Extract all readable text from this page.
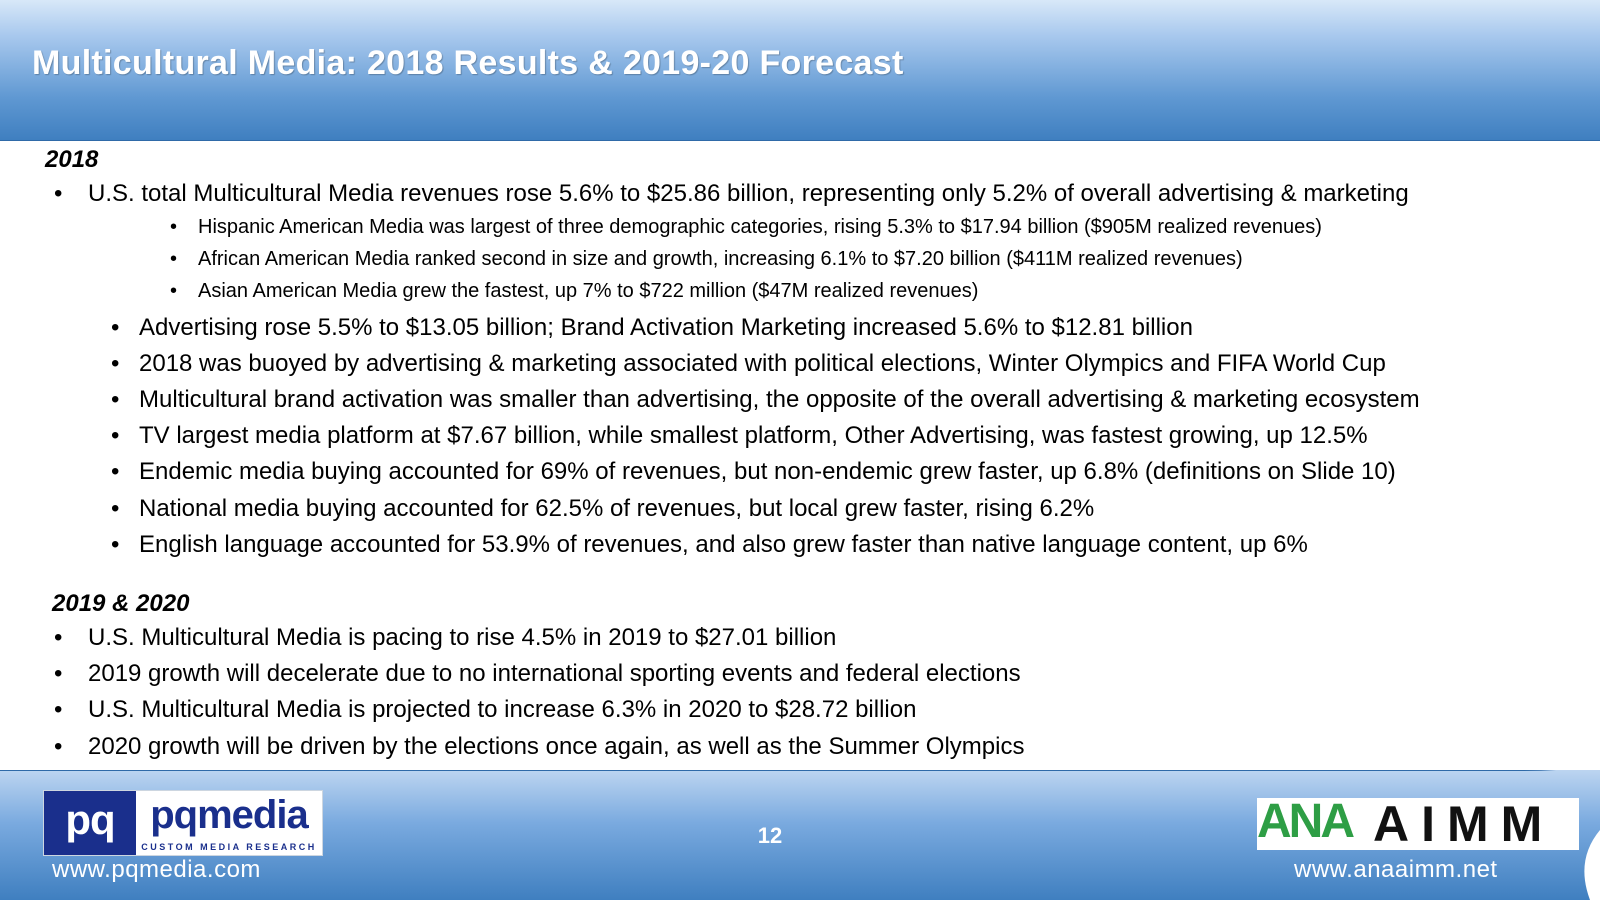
Multicultural Media: 2018 Results & 2019-20 Forecast
2018
• U.S. total Multicultural Media revenues rose 5.6% to $25.86 billion, representing only 5.2% of overall advertising & marketing
• Hispanic American Media was largest of three demographic categories, rising 5.3% to $17.94 billion ($905M realized revenues)
• African American Media ranked second in size and growth, increasing 6.1% to $7.20 billion ($411M realized revenues)
• Asian American Media grew the fastest, up 7% to $722 million ($47M realized revenues)
• Advertising rose 5.5% to $13.05 billion; Brand Activation Marketing increased 5.6% to $12.81 billion
• 2018 was buoyed by advertising & marketing associated with political elections, Winter Olympics and FIFA World Cup
• Multicultural brand activation was smaller than advertising, the opposite of the overall advertising & marketing ecosystem
• TV largest media platform at $7.67 billion, while smallest platform, Other Advertising, was fastest growing, up 12.5%
• Endemic media buying accounted for 69% of revenues, but non-endemic grew faster, up 6.8% (definitions on Slide 10)
• National media buying accounted for 62.5% of revenues, but local grew faster, rising 6.2%
• English language accounted for 53.9% of revenues, and also grew faster than native language content, up 6%
2019 & 2020
• U.S. Multicultural Media is pacing to rise 4.5% in 2019 to $27.01 billion
• 2019 growth will decelerate due to no international sporting events and federal elections
• U.S. Multicultural Media is projected to increase 6.3% in 2020 to $28.72 billion
• 2020 growth will be driven by the elections once again, as well as the Summer Olympics
pq pqmedia
CUSTOM MEDIA RESEARCH
www.pqmedia.com
12	ANA AIMM
www.anaaimm.net
